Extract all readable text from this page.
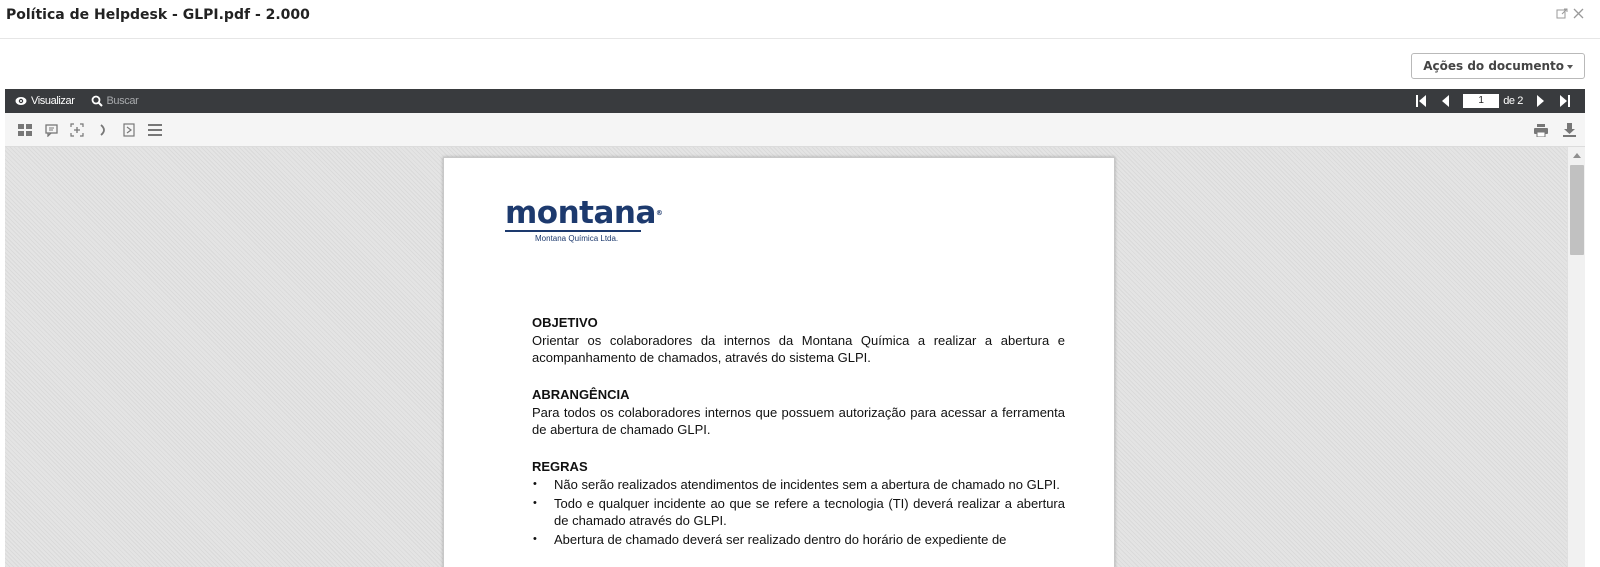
Política de Helpdesk - GLPI.pdf - 2.000
Ações do documento
Visualizar	Buscar	1	de 2
montana®
Montana Química Ltda.
OBJETIVO
Orientar os colaboradores da internos da Montana Química a realizar a abertura e acompanhamento de chamados, através do sistema GLPI.
ABRANGÊNCIA
Para todos os colaboradores internos que possuem autorização para acessar a ferramenta de abertura de chamado GLPI.
REGRAS
• Não serão realizados atendimentos de incidentes sem a abertura de chamado no GLPI.
• Todo e qualquer incidente ao que se refere a tecnologia (TI) deverá realizar a abertura de chamado através do GLPI.
• Abertura de chamado deverá ser realizado dentro do horário de expediente de
